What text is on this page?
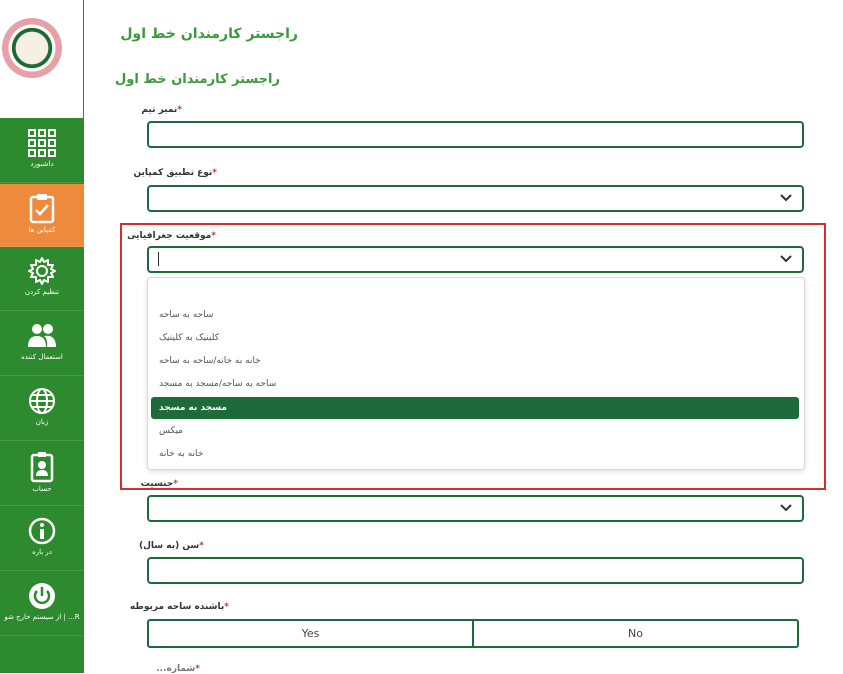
داشبورد
کمپاین ها
تنظیم کردن
استعمال کننده
زبان
حساب
در باره
R... | از سیستم خارج شو
راجستر کارمندان خط اول
راجستر کارمندان خط اول
*نمبر تیم
*نوع تطبیق کمپاین
*موقعیت جغرافیایی
ساحه به ساحه
کلینیک به کلینیک
خانه به خانه/ساحه به ساحه
ساحه به ساحه/مسجد به مسجد
مسجد به مسجد
میکس
خانه به خانه
*جنسیت
*سن (به سال)
*باشنده ساحه مربوطه
Yes	No
*شماره...
